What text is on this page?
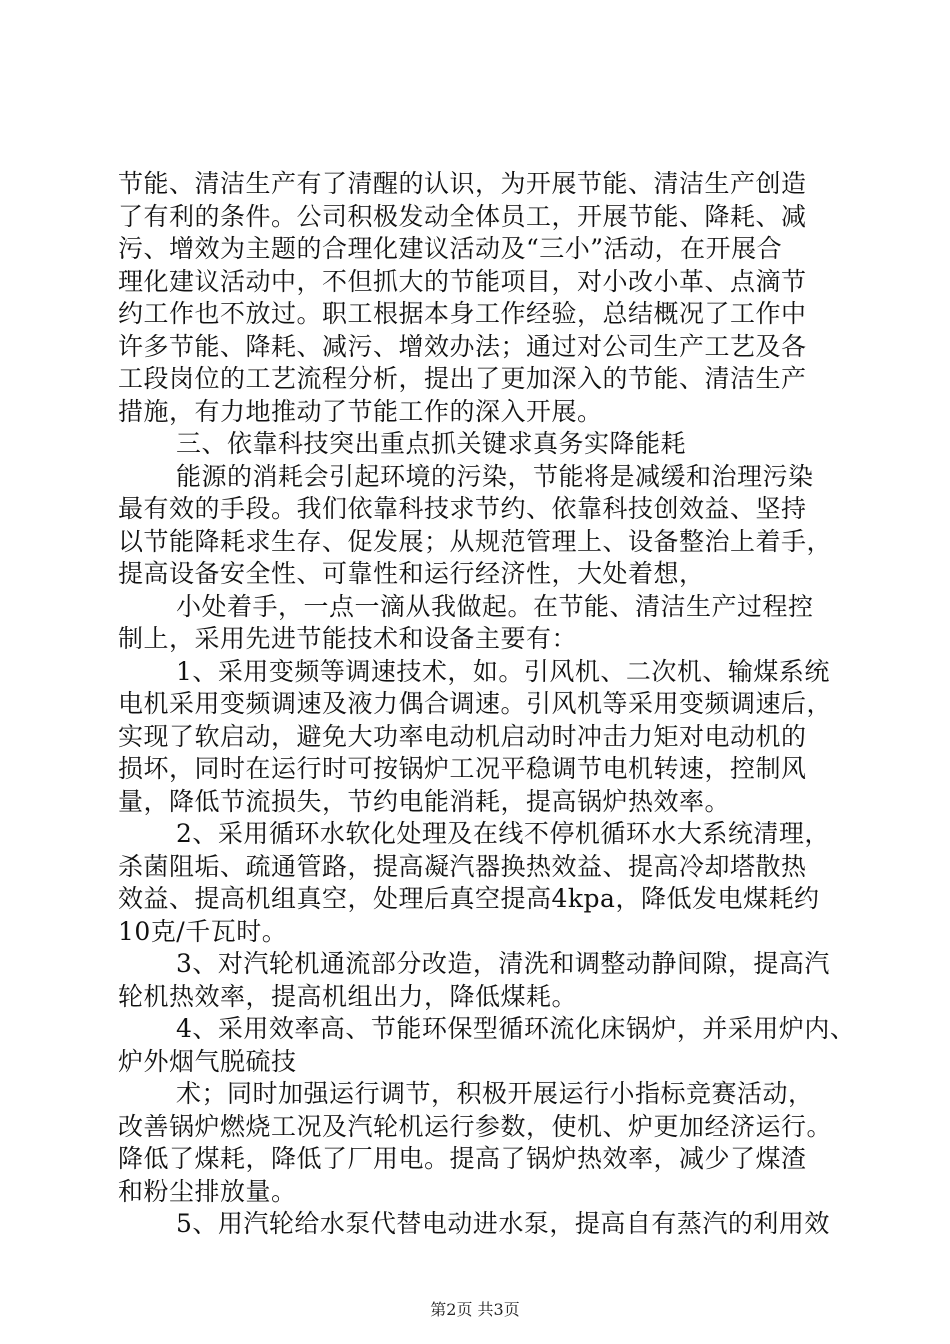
节能、清洁生产有了清醒的认识，为开展节能、清洁生产创造
了有利的条件。公司积极发动全体员工，开展节能、降耗、减
污、增效为主题的合理化建议活动及“三小”活动，在开展合
理化建议活动中，不但抓大的节能项目，对小改小革、点滴节
约工作也不放过。职工根据本身工作经验，总结概况了工作中
许多节能、降耗、减污、增效办法；通过对公司生产工艺及各
工段岗位的工艺流程分析，提出了更加深入的节能、清洁生产
措施，有力地推动了节能工作的深入开展。
三、依靠科技突出重点抓关键求真务实降能耗
能源的消耗会引起环境的污染，节能将是减缓和治理污染
最有效的手段。我们依靠科技求节约、依靠科技创效益、坚持
以节能降耗求生存、促发展；从规范管理上、设备整治上着手，
提高设备安全性、可靠性和运行经济性，大处着想，
小处着手，一点一滴从我做起。在节能、清洁生产过程控
制上，采用先进节能技术和设备主要有：
1、采用变频等调速技术，如。引风机、二次机、输煤系统
电机采用变频调速及液力偶合调速。引风机等采用变频调速后，
实现了软启动，避免大功率电动机启动时冲击力矩对电动机的
损坏，同时在运行时可按锅炉工况平稳调节电机转速，控制风
量，降低节流损失，节约电能消耗，提高锅炉热效率。
2、采用循环水软化处理及在线不停机循环水大系统清理，
杀菌阻垢、疏通管路，提高凝汽器换热效益、提高冷却塔散热
效益、提高机组真空，处理后真空提高4kpa，降低发电煤耗约
10克/千瓦时。
3、对汽轮机通流部分改造，清洗和调整动静间隙，提高汽
轮机热效率，提高机组出力，降低煤耗。
4、采用效率高、节能环保型循环流化床锅炉，并采用炉内、
炉外烟气脱硫技
术；同时加强运行调节，积极开展运行小指标竞赛活动，
改善锅炉燃烧工况及汽轮机运行参数，使机、炉更加经济运行。
降低了煤耗，降低了厂用电。提高了锅炉热效率，减少了煤渣
和粉尘排放量。
5、用汽轮给水泵代替电动进水泵，提高自有蒸汽的利用效
第2页 共3页
